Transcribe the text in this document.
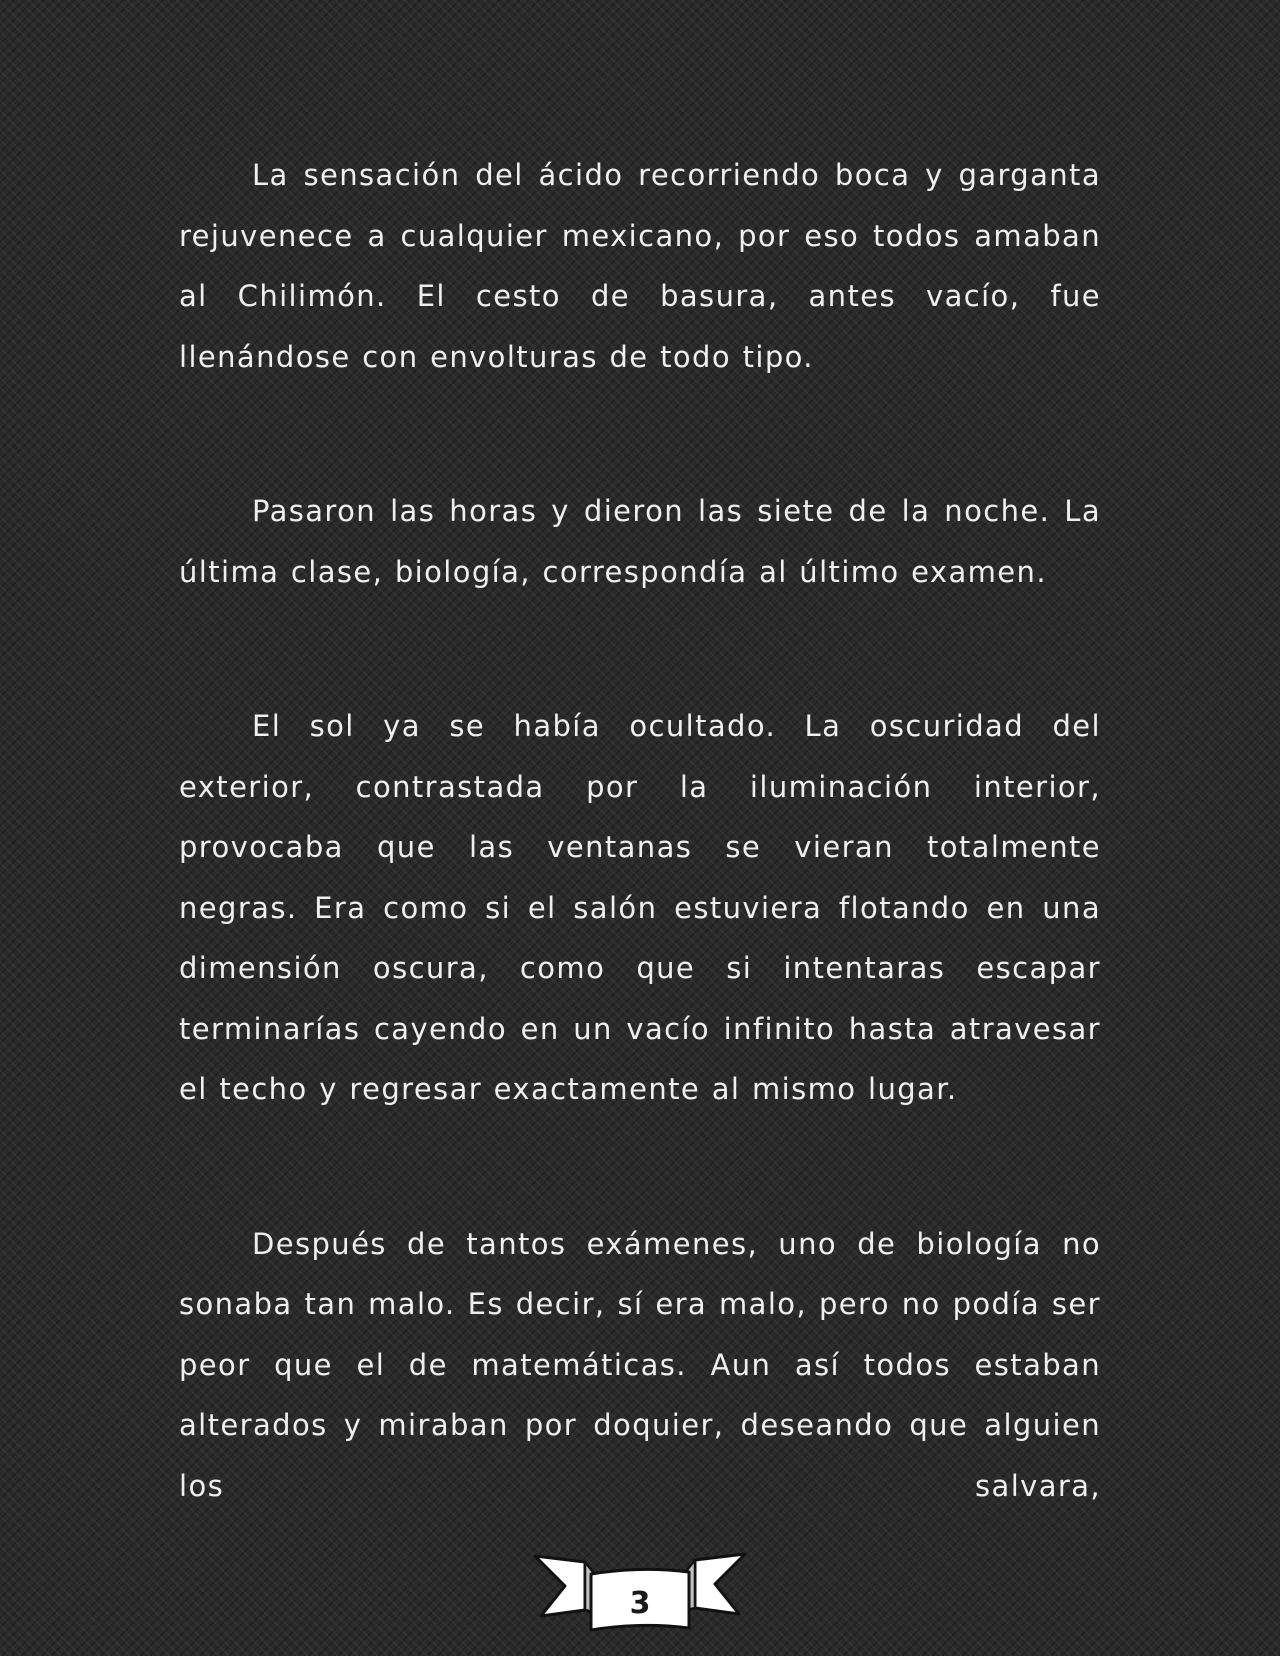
La sensación del ácido recorriendo boca y garganta rejuvenece a cualquier mexicano, por eso todos amaban al Chilimón. El cesto de basura, antes vacío, fue llenándose con envolturas de todo tipo.

Pasaron las horas y dieron las siete de la noche. La última clase, biología, correspondía al último examen.

El sol ya se había ocultado. La oscuridad del exterior, contrastada por la iluminación interior, provocaba que las ventanas se vieran totalmente negras. Era como si el salón estuviera flotando en una dimensión oscura, como que si intentaras escapar terminarías cayendo en un vacío infinito hasta atravesar el techo y regresar exactamente al mismo lugar.

Después de tantos exámenes, uno de biología no sonaba tan malo. Es decir, sí era malo, pero no podía ser peor que el de matemáticas. Aun así todos estaban alterados y miraban por doquier, deseando que alguien los salvara,

3
